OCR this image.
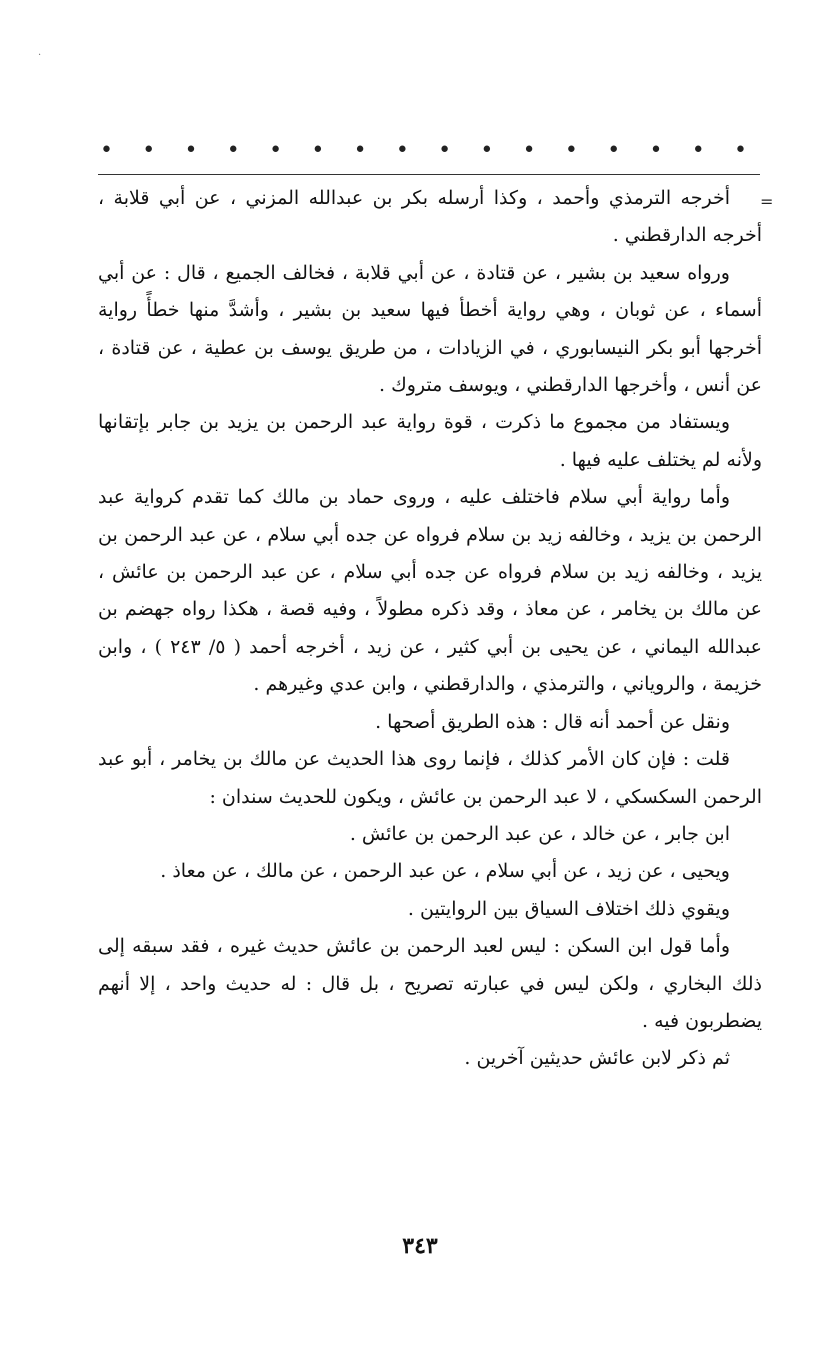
·
• • • • • • • • • • • • • • • •
=

أخرجه الترمذي وأحمد ، وكذا أرسله بكر بن عبدالله المزني ، عن أبي قلابة ، أخرجه الدارقطني .

ورواه سعيد بن بشير ، عن قتادة ، عن أبي قلابة ، فخالف الجميع ، قال : عن أبي أسماء ، عن ثوبان ، وهي رواية أخطأ فيها سعيد بن بشير ، وأشدَّ منها خطأً رواية أخرجها أبو بكر النيسابوري ، في الزيادات ، من طريق يوسف بن عطية ، عن قتادة ، عن أنس ، وأخرجها الدارقطني ، ويوسف متروك .

ويستفاد من مجموع ما ذكرت ، قوة رواية عبد الرحمن بن يزيد بن جابر بإتقانها ولأنه لم يختلف عليه فيها .

وأما رواية أبي سلام فاختلف عليه ، وروى حماد بن مالك كما تقدم كرواية عبد الرحمن بن يزيد ، وخالفه زيد بن سلام فرواه عن جده أبي سلام ، عن عبد الرحمن بن يزيد ، وخالفه زيد بن سلام فرواه عن جده أبي سلام ، عن عبد الرحمن بن عائش ، عن مالك بن يخامر ، عن معاذ ، وقد ذكره مطولاً ، وفيه قصة ، هكذا رواه جهضم بن عبدالله اليماني ، عن يحيى بن أبي كثير ، عن زيد ، أخرجه أحمد ( ٥/ ٢٤٣ ) ، وابن خزيمة ، والروياني ، والترمذي ، والدارقطني ، وابن عدي وغيرهم .

ونقل عن أحمد أنه قال : هذه الطريق أصحها .

قلت : فإن كان الأمر كذلك ، فإنما روى هذا الحديث عن مالك بن يخامر ، أبو عبد الرحمن السكسكي ، لا عبد الرحمن بن عائش ، ويكون للحديث سندان :

ابن جابر ، عن خالد ، عن عبد الرحمن بن عائش .

ويحيى ، عن زيد ، عن أبي سلام ، عن عبد الرحمن ، عن مالك ، عن معاذ .

ويقوي ذلك اختلاف السياق بين الروايتين .

وأما قول ابن السكن : ليس لعبد الرحمن بن عائش حديث غيره ، فقد سبقه إلى ذلك البخاري ، ولكن ليس في عبارته تصريح ، بل قال : له حديث واحد ، إلا أنهم يضطربون فيه .

ثم ذكر لابن عائش حديثين آخرين .

٣٤٣
